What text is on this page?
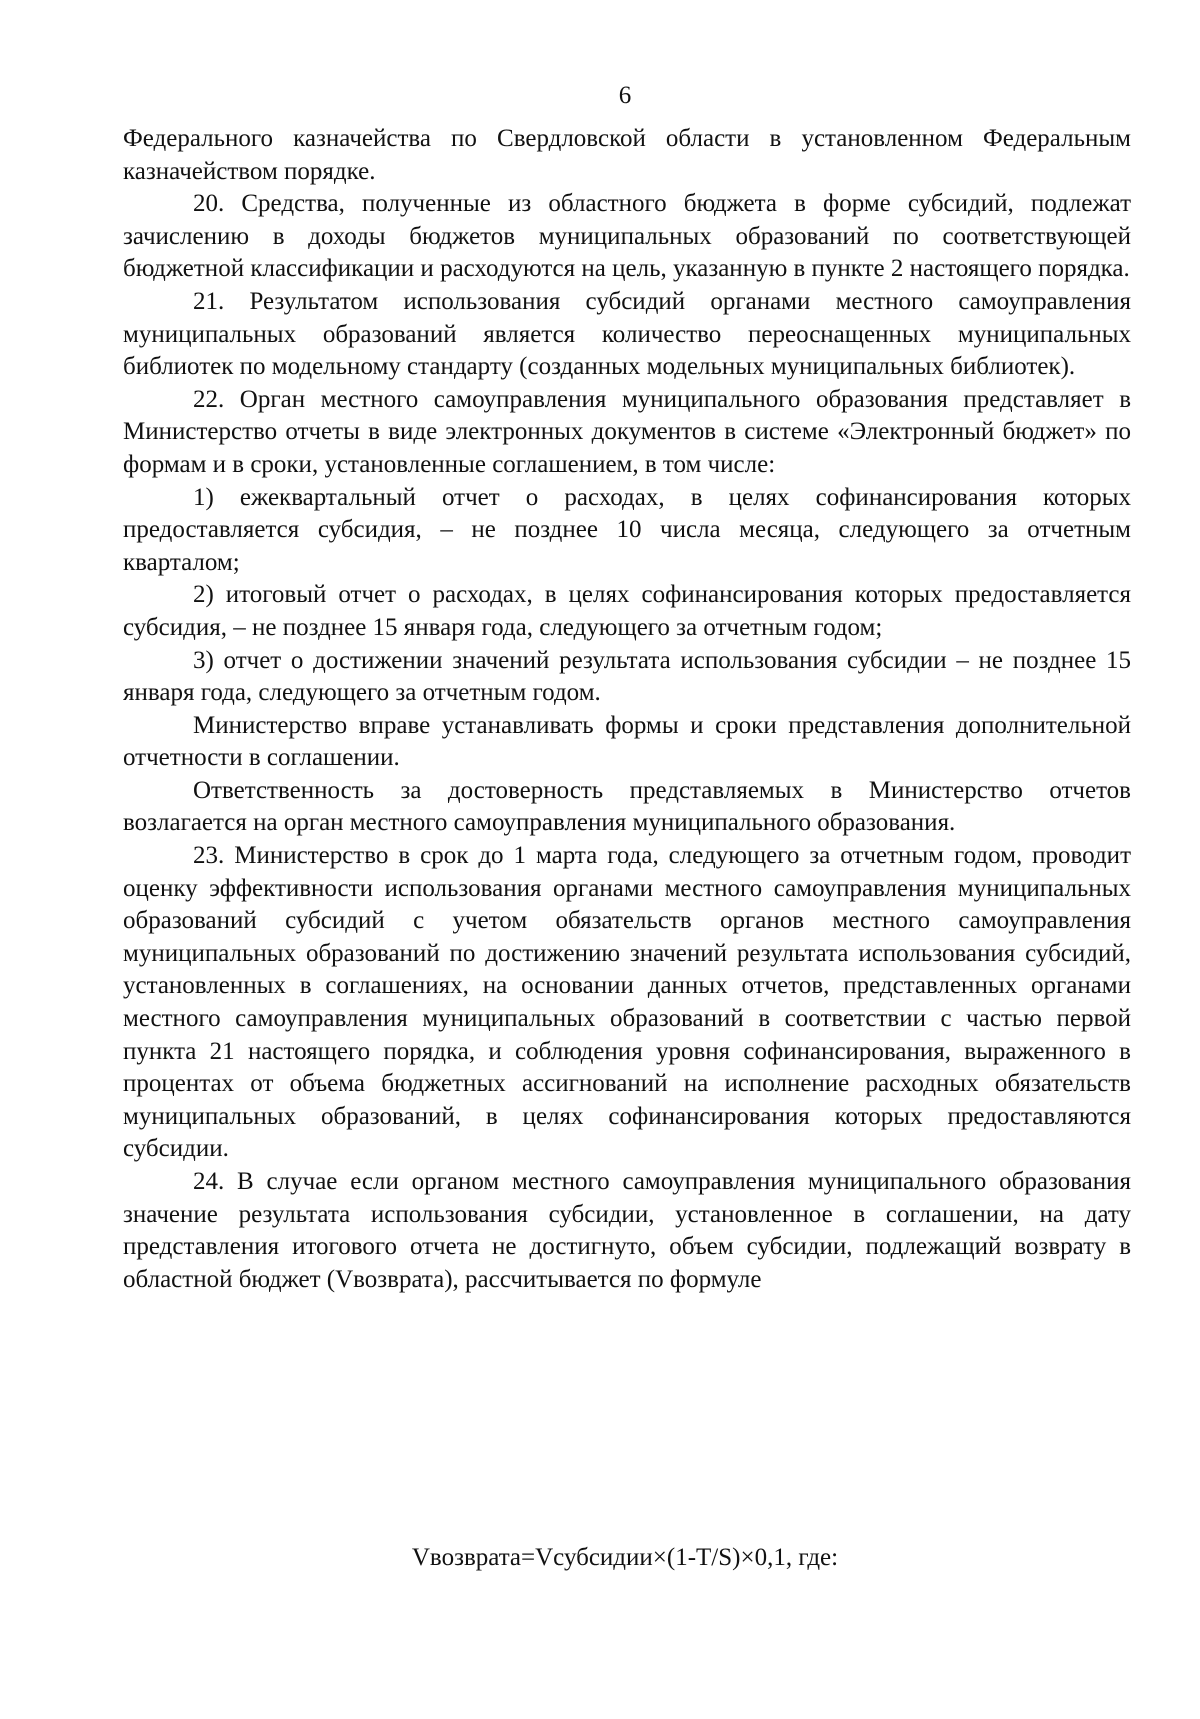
6

Федерального казначейства по Свердловской области в установленном Федеральным казначейством порядке.

20. Средства, полученные из областного бюджета в форме субсидий, подлежат зачислению в доходы бюджетов муниципальных образований по соответствующей бюджетной классификации и расходуются на цель, указанную в пункте 2 настоящего порядка.

21. Результатом использования субсидий органами местного самоуправления муниципальных образований является количество переоснащенных муниципальных библиотек по модельному стандарту (созданных модельных муниципальных библиотек).

22. Орган местного самоуправления муниципального образования представляет в Министерство отчеты в виде электронных документов в системе «Электронный бюджет» по формам и в сроки, установленные соглашением, в том числе:

1) ежеквартальный отчет о расходах, в целях софинансирования которых предоставляется субсидия, – не позднее 10 числа месяца, следующего за отчетным кварталом;

2) итоговый отчет о расходах, в целях софинансирования которых предоставляется субсидия, – не позднее 15 января года, следующего за отчетным годом;

3) отчет о достижении значений результата использования субсидии – не позднее 15 января года, следующего за отчетным годом.

Министерство вправе устанавливать формы и сроки представления дополнительной отчетности в соглашении.

Ответственность за достоверность представляемых в Министерство отчетов возлагается на орган местного самоуправления муниципального образования.

23. Министерство в срок до 1 марта года, следующего за отчетным годом, проводит оценку эффективности использования органами местного самоуправления муниципальных образований субсидий с учетом обязательств органов местного самоуправления муниципальных образований по достижению значений результата использования субсидий, установленных в соглашениях, на основании данных отчетов, представленных органами местного самоуправления муниципальных образований в соответствии с частью первой пункта 21 настоящего порядка, и соблюдения уровня софинансирования, выраженного в процентах от объема бюджетных ассигнований на исполнение расходных обязательств муниципальных образований, в целях софинансирования которых предоставляются субсидии.

24. В случае если органом местного самоуправления муниципального образования значение результата использования субсидии, установленное в соглашении, на дату представления итогового отчета не достигнуто, объем субсидии, подлежащий возврату в областной бюджет (Vвозврата), рассчитывается по формуле

Vвозврата=Vсубсидии×(1-T/S)×0,1, где:
